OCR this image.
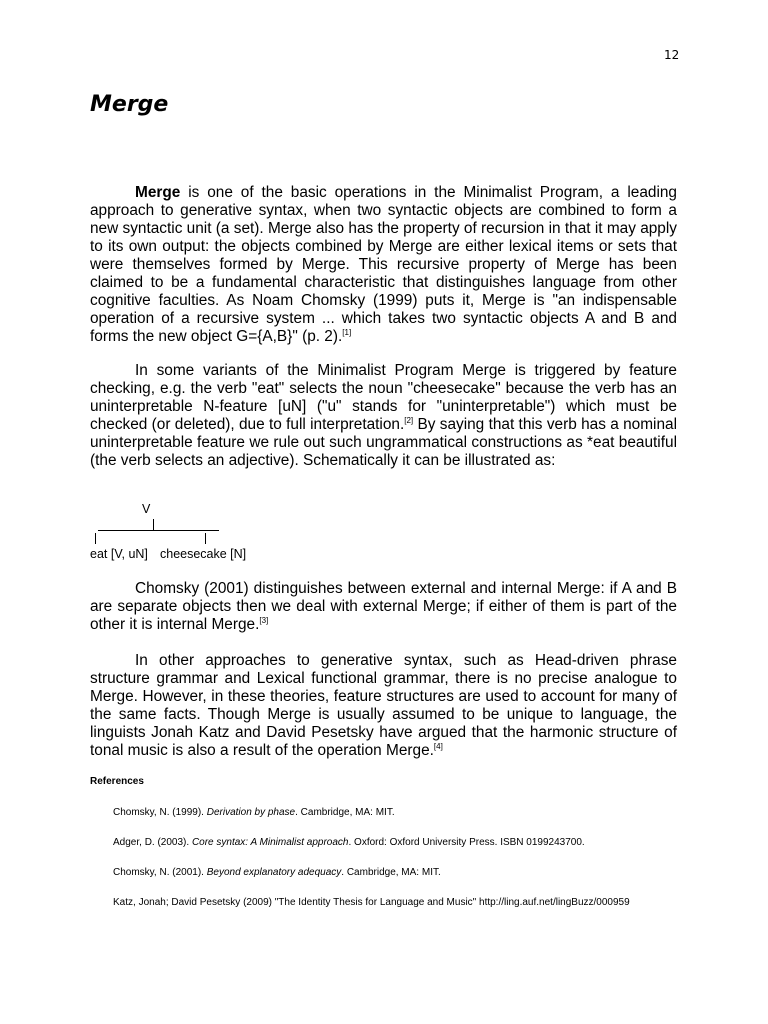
12
Merge

Merge is one of the basic operations in the Minimalist Program, a leading approach to generative syntax, when two syntactic objects are combined to form a new syntactic unit (a set). Merge also has the property of recursion in that it may apply to its own output: the objects combined by Merge are either lexical items or sets that were themselves formed by Merge. This recursive property of Merge has been claimed to be a fundamental characteristic that distinguishes language from other cognitive faculties. As Noam Chomsky (1999) puts it, Merge is "an indispensable operation of a recursive system ... which takes two syntactic objects A and B and forms the new object G={A,B}" (p. 2).[1]

In some variants of the Minimalist Program Merge is triggered by feature checking, e.g. the verb "eat" selects the noun "cheesecake" because the verb has an uninterpretable N-feature [uN] ("u" stands for "uninterpretable") which must be checked (or deleted), due to full interpretation.[2] By saying that this verb has a nominal uninterpretable feature we rule out such ungrammatical constructions as *eat beautiful (the verb selects an adjective). Schematically it can be illustrated as:

V
eat [V, uN] cheesecake [N]

Chomsky (2001) distinguishes between external and internal Merge: if A and B are separate objects then we deal with external Merge; if either of them is part of the other it is internal Merge.[3]

In other approaches to generative syntax, such as Head-driven phrase structure grammar and Lexical functional grammar, there is no precise analogue to Merge. However, in these theories, feature structures are used to account for many of the same facts. Though Merge is usually assumed to be unique to language, the linguists Jonah Katz and David Pesetsky have argued that the harmonic structure of tonal music is also a result of the operation Merge.[4]

References
Chomsky, N. (1999). Derivation by phase. Cambridge, MA: MIT.
Adger, D. (2003). Core syntax: A Minimalist approach. Oxford: Oxford University Press. ISBN 0199243700.
Chomsky, N. (2001). Beyond explanatory adequacy. Cambridge, MA: MIT.
Katz, Jonah; David Pesetsky (2009) "The Identity Thesis for Language and Music" http://ling.auf.net/lingBuzz/000959
